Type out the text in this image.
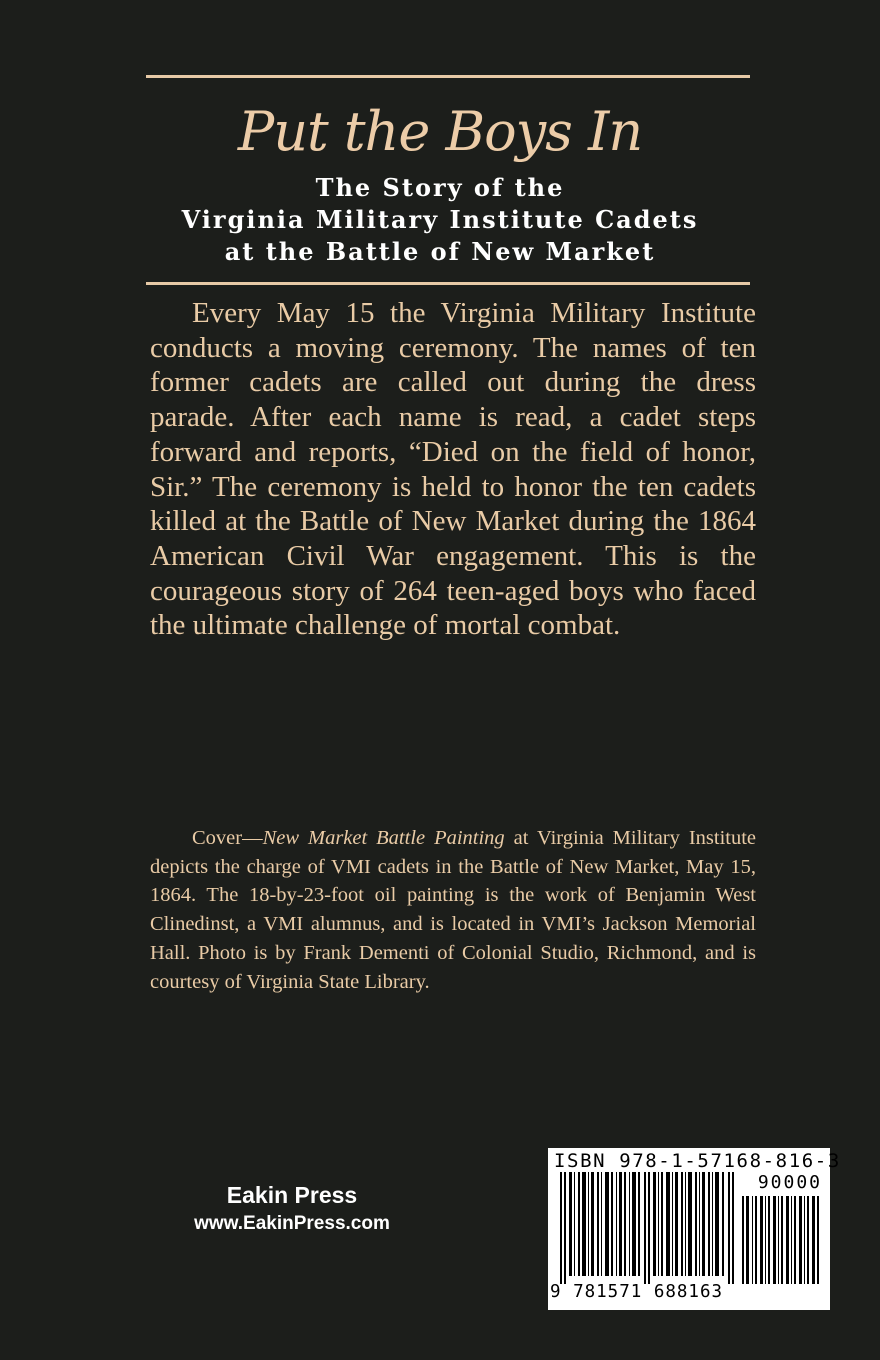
Put the Boys In
The Story of the
Virginia Military Institute Cadets
at the Battle of New Market
Every May 15 the Virginia Military Institute conducts a moving ceremony. The names of ten former cadets are called out during the dress parade. After each name is read, a cadet steps forward and reports, “Died on the field of honor, Sir.” The ceremony is held to honor the ten cadets killed at the Battle of New Market during the 1864 American Civil War engagement. This is the courageous story of 264 teen-aged boys who faced the ultimate challenge of mortal combat.
Cover—New Market Battle Painting at Virginia Military Institute depicts the charge of VMI cadets in the Battle of New Market, May 15, 1864. The 18-by-23-foot oil painting is the work of Benjamin West Clinedinst, a VMI alumnus, and is located in VMI’s Jackson Memorial Hall. Photo is by Frank Dementi of Colonial Studio, Richmond, and is courtesy of Virginia State Library.
Eakin Press
www.EakinPress.com
ISBN 978-1-57168-816-3
90000
9 781571 688163
